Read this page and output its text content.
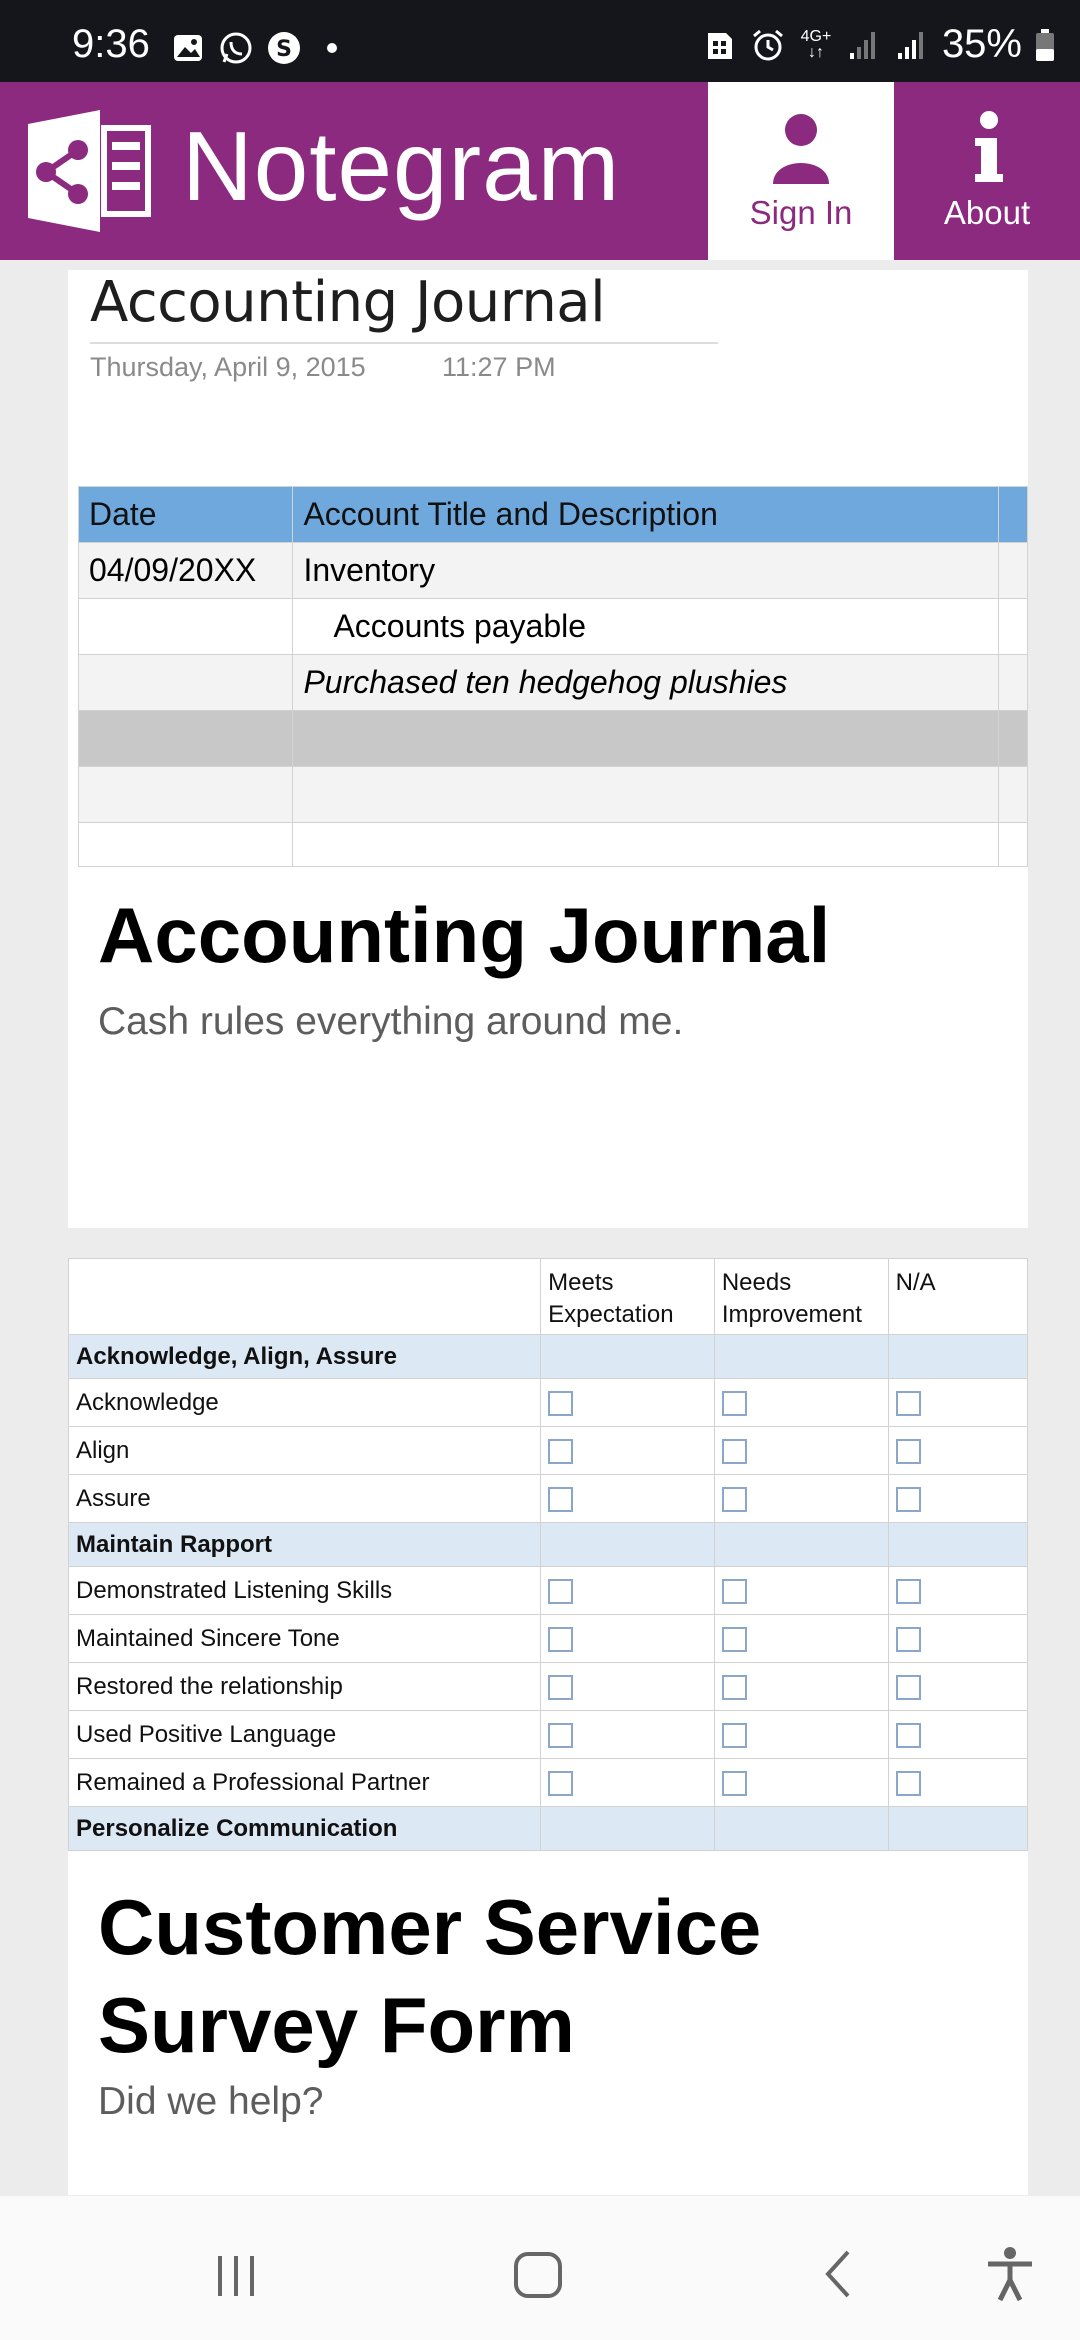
9:36	S
4G+
↓↑	35%
Notegram	Sign In	About
Accounting Journal
Thursday, April 9, 2015	11:27 PM
Date	Account Title and Description	
04/09/20XX	Inventory	
	Accounts payable	
	Purchased ten hedgehog plushies	

Accounting Journal
Cash rules everything around me.
	Meets Expectation	Needs Improvement	N/A
Acknowledge, Align, Assure			
Acknowledge			
Align			
Assure			
Maintain Rapport			
Demonstrated Listening Skills			
Maintained Sincere Tone			
Restored the relationship			
Used Positive Language			
Remained a Professional Partner			
Personalize Communication			
Customer Service Survey Form
Did we help?
